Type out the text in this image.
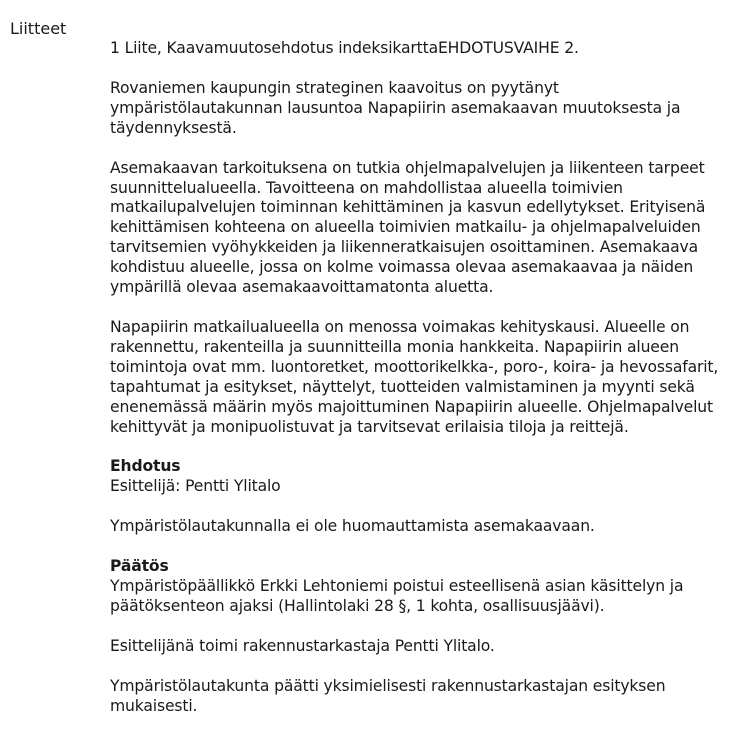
Liitteet

1 Liite, Kaavamuutosehdotus indeksikarttaEHDOTUSVAIHE 2.

Rovaniemen kaupungin strateginen kaavoitus on pyytänyt ympäristölautakunnan lausuntoa Napapiirin asemakaavan muutoksesta ja täydennyksestä.

Asemakaavan tarkoituksena on tutkia ohjelmapalvelujen ja liikenteen tarpeet suunnittelualueella. Tavoitteena on mahdollistaa alueella toimivien matkailupalvelujen toiminnan kehittäminen ja kasvun edellytykset. Erityisenä kehittämisen kohteena on alueella toimivien matkailu- ja ohjelmapalveluiden tarvitsemien vyöhykkeiden ja liikenneratkaisujen osoittaminen. Asemakaava kohdistuu alueelle, jossa on kolme voimassa olevaa asemakaavaa ja näiden ympärillä olevaa asemakaavoittamatonta aluetta.

Napapiirin matkailualueella on menossa voimakas kehityskausi. Alueelle on rakennettu, rakenteilla ja suunnitteilla monia hankkeita. Napapiirin alueen toimintoja ovat mm. luontoretket, moottorikelkka-, poro-, koira- ja hevossafarit, tapahtumat ja esitykset, näyttelyt, tuotteiden valmistaminen ja myynti sekä enenemässä määrin myös majoittuminen Napapiirin alueelle. Ohjelmapalvelut kehittyvät ja monipuolistuvat ja tarvitsevat erilaisia tiloja ja reittejä.

Ehdotus

Esittelijä: Pentti Ylitalo

Ympäristölautakunnalla ei ole huomauttamista asemakaavaan.

Päätös

Ympäristöpäällikkö Erkki Lehtoniemi poistui esteellisenä asian käsittelyn ja päätöksenteon ajaksi (Hallintolaki 28 §, 1 kohta, osallisuusjäävi).

Esittelijänä toimi rakennustarkastaja Pentti Ylitalo.

Ympäristölautakunta päätti yksimielisesti rakennustarkastajan esityksen mukaisesti.
